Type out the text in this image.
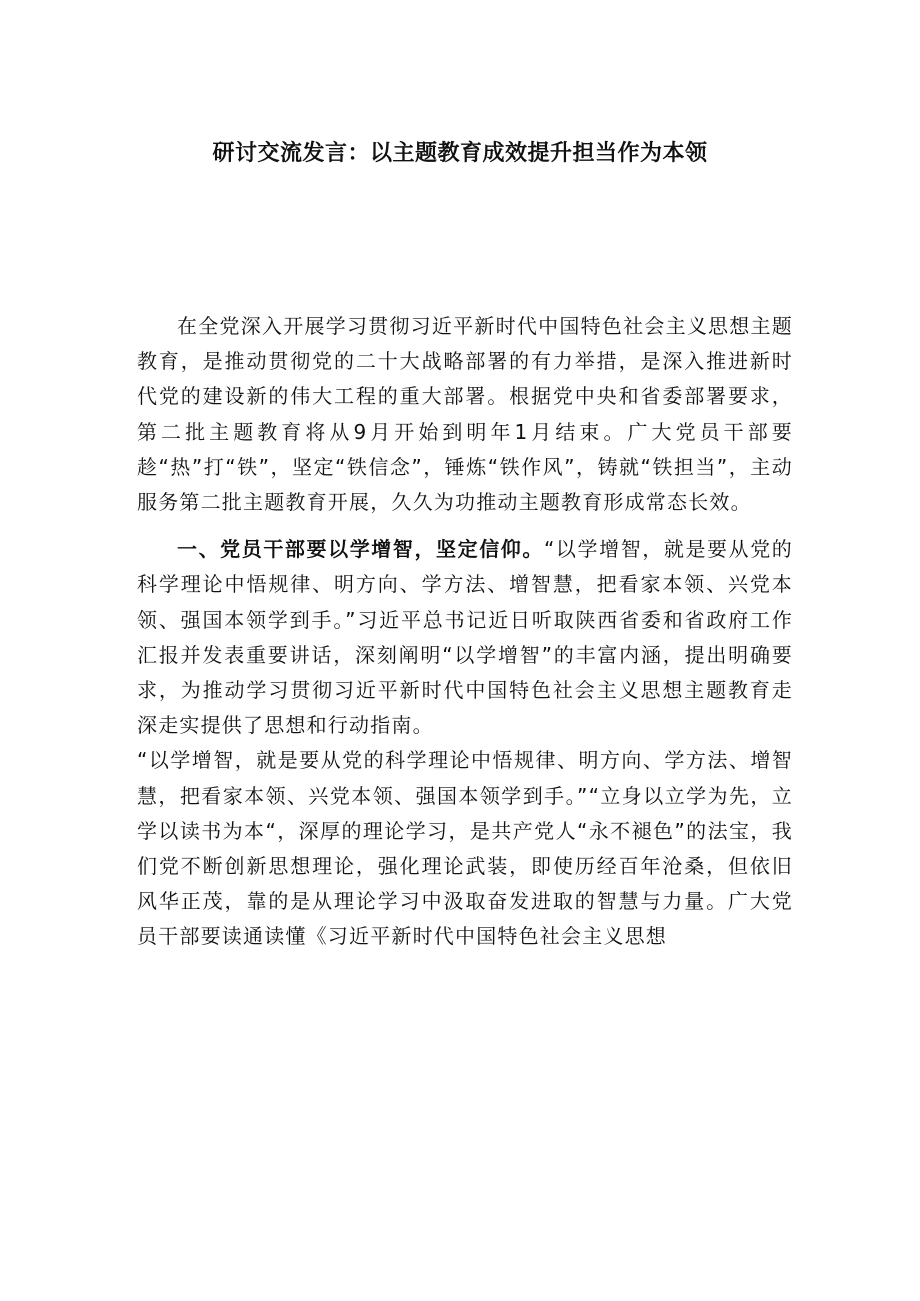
研讨交流发言：以主题教育成效提升担当作为本领

在全党深入开展学习贯彻习近平新时代中国特色社会主义思想主题教育，是推动贯彻党的二十大战略部署的有力举措，是深入推进新时代党的建设新的伟大工程的重大部署。根据党中央和省委部署要求，第二批主题教育将从9月开始到明年1月结束。广大党员干部要趁“热”打“铁”，坚定“铁信念”，锤炼“铁作风”，铸就“铁担当”，主动服务第二批主题教育开展，久久为功推动主题教育形成常态长效。

一、党员干部要以学增智，坚定信仰。“以学增智，就是要从党的科学理论中悟规律、明方向、学方法、增智慧，把看家本领、兴党本领、强国本领学到手。”习近平总书记近日听取陕西省委和省政府工作汇报并发表重要讲话，深刻阐明“以学增智”的丰富内涵，提出明确要求，为推动学习贯彻习近平新时代中国特色社会主义思想主题教育走深走实提供了思想和行动指南。

“以学增智，就是要从党的科学理论中悟规律、明方向、学方法、增智慧，把看家本领、兴党本领、强国本领学到手。”“立身以立学为先，立学以读书为本“，深厚的理论学习，是共产党人“永不褪色”的法宝，我们党不断创新思想理论，强化理论武装，即使历经百年沧桑，但依旧风华正茂，靠的是从理论学习中汲取奋发进取的智慧与力量。广大党员干部要读通读懂《习近平新时代中国特色社会主义思想
